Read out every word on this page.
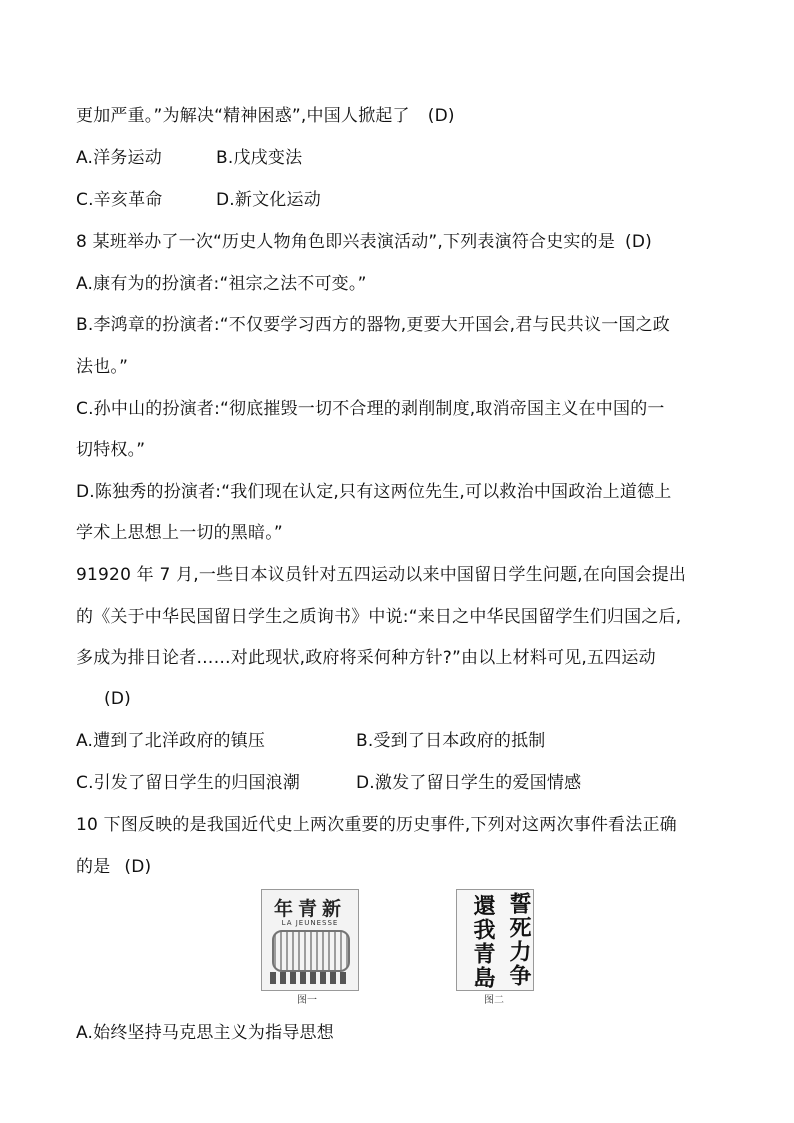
更加严重。”为解决“精神困惑”,中国人掀起了 (D)
A.洋务运动	B.戊戌变法
C.辛亥革命	D.新文化运动
8 某班举办了一次“历史人物角色即兴表演活动”,下列表演符合史实的是 (D)
A.康有为的扮演者:“祖宗之法不可变。”
B.李鸿章的扮演者:“不仅要学习西方的器物,更要大开国会,君与民共议一国之政
法也。”
C.孙中山的扮演者:“彻底摧毁一切不合理的剥削制度,取消帝国主义在中国的一
切特权。”
D.陈独秀的扮演者:“我们现在认定,只有这两位先生,可以救治中国政治上道德上
学术上思想上一切的黑暗。”
91920 年 7 月,一些日本议员针对五四运动以来中国留日学生问题,在向国会提出
的《关于中华民国留日学生之质询书》中说:“来日之中华民国留学生们归国之后,
多成为排日论者……对此现状,政府将采何种方针?”由以上材料可见,五四运动
(D)
A.遭到了北洋政府的镇压	B.受到了日本政府的抵制
C.引发了留日学生的归国浪潮	D.激发了留日学生的爱国情感
10 下图反映的是我国近代史上两次重要的历史事件,下列对这两次事件看法正确
的是 (D)
年青新
LA JEUNESSE
图一
誓死力争
還我青島
图二
A.始终坚持马克思主义为指导思想
